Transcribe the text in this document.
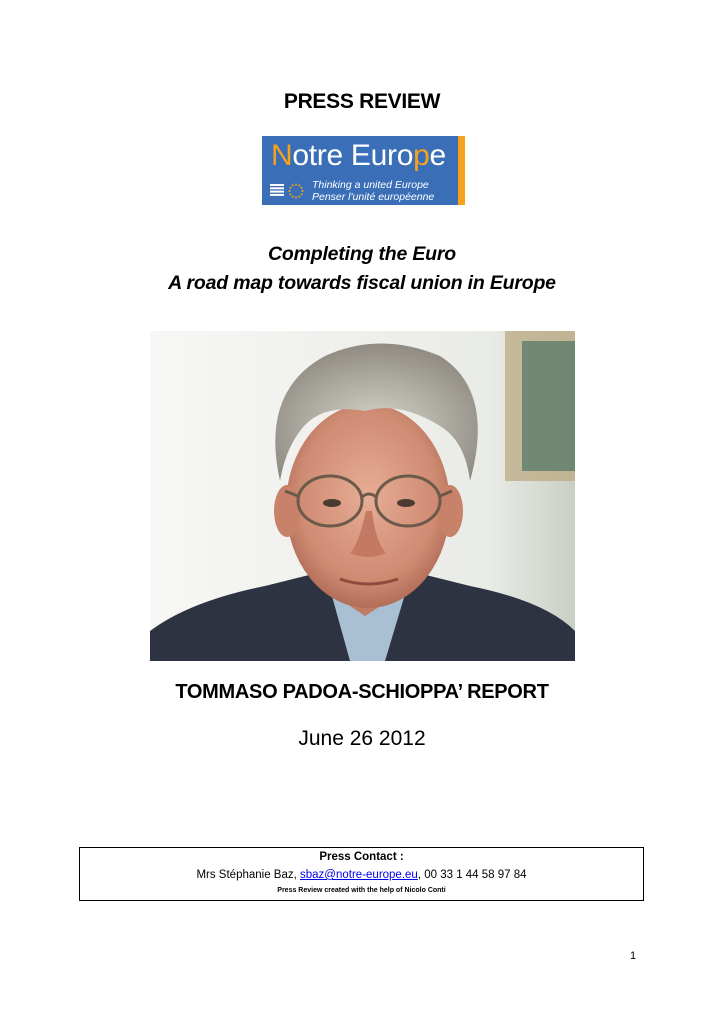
PRESS REVIEW
Notre Europe
Thinking a united Europe
Penser l'unité européenne
Completing the Euro
A road map towards fiscal union in Europe
TOMMASO PADOA-SCHIOPPA’ REPORT
June 26 2012
Press Contact :
Mrs Stéphanie Baz, sbaz@notre-europe.eu, 00 33 1 44 58 97 84
Press Review created with the help of Nicolo Conti
1
